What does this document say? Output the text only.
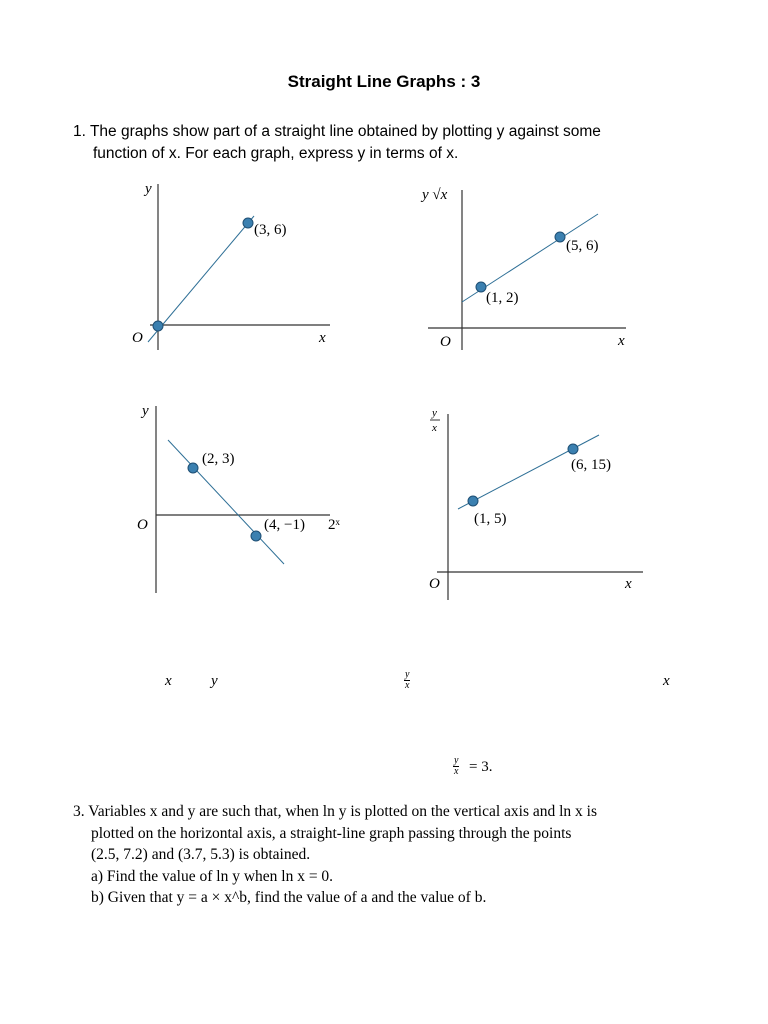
Straight Line Graphs : 3
1. The graphs show part of a straight line obtained by plotting y against some
function of x. For each graph, express y in terms of x.
y
x
O
(3, 6)
y √x
x
O
(1, 2)
(5, 6)
y
2ˣ
O
(2, 3)
(4, −1)
y
x
x
O
(1, 5)
(6, 15)
x	y	$\frac{y}{x}$	x
$\frac{y}{x} = 3$.
3. Variables x and y are such that, when ln y is plotted on the vertical axis and ln x is
plotted on the horizontal axis, a straight-line graph passing through the points
(2.5, 7.2) and (3.7, 5.3) is obtained.
a) Find the value of ln y when ln x = 0.
b) Given that y = a × x^b, find the value of a and the value of b.
